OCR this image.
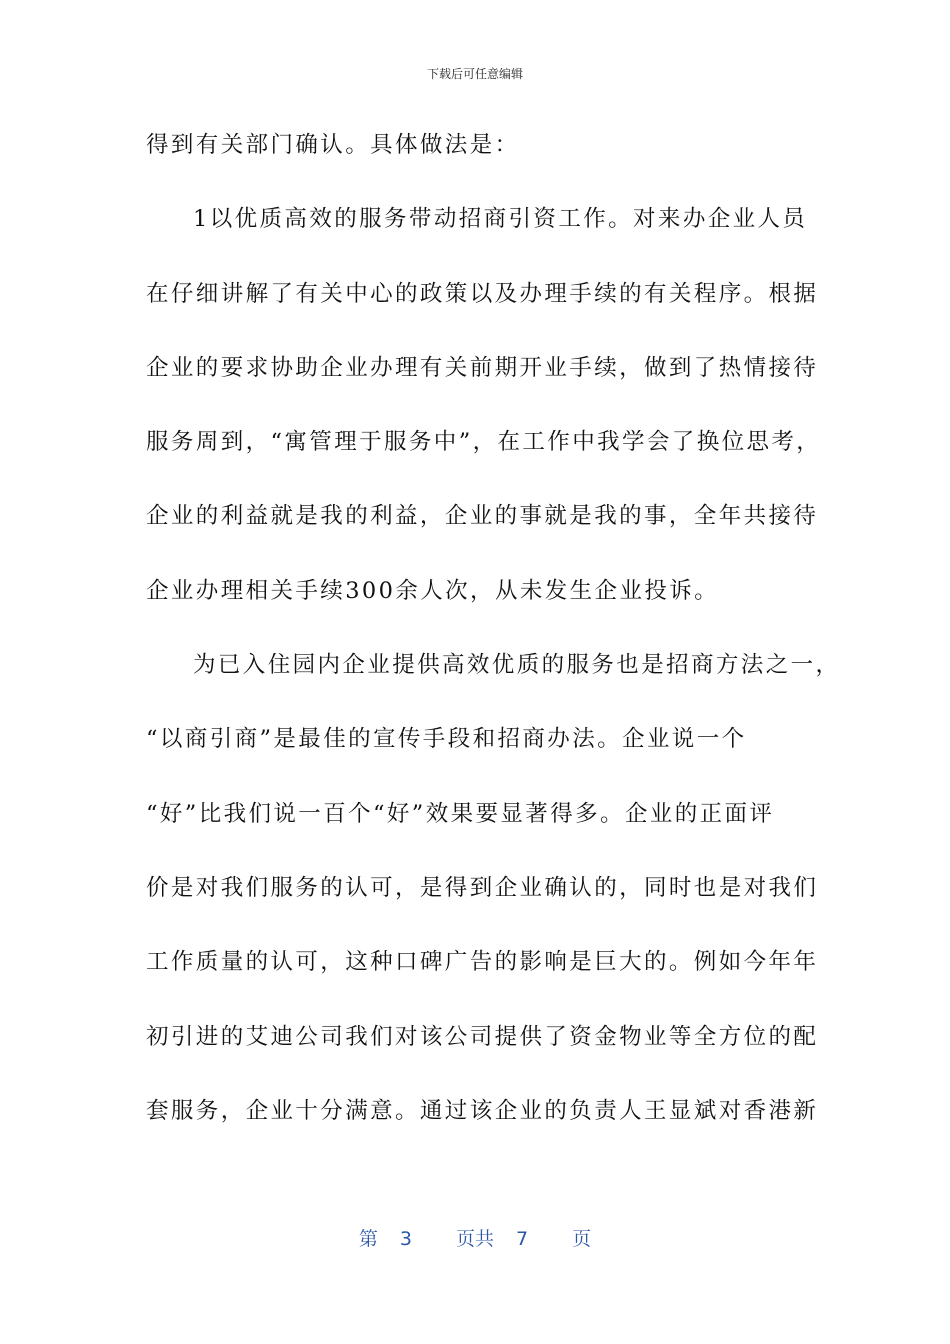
下载后可任意编辑
得到有关部门确认。具体做法是：
1以优质高效的服务带动招商引资工作。对来办企业人员
在仔细讲解了有关中心的政策以及办理手续的有关程序。根据
企业的要求协助企业办理有关前期开业手续，做到了热情接待
服务周到，“寓管理于服务中”，在工作中我学会了换位思考，
企业的利益就是我的利益，企业的事就是我的事，全年共接待
企业办理相关手续300余人次，从未发生企业投诉。
为已入住园内企业提供高效优质的服务也是招商方法之一，
“以商引商”是最佳的宣传手段和招商办法。企业说一个
“好”比我们说一百个“好”效果要显著得多。企业的正面评
价是对我们服务的认可，是得到企业确认的，同时也是对我们
工作质量的认可，这种口碑广告的影响是巨大的。例如今年年
初引进的艾迪公司我们对该公司提供了资金物业等全方位的配
套服务，企业十分满意。通过该企业的负责人王显斌对香港新
第 3 页共 7 页
